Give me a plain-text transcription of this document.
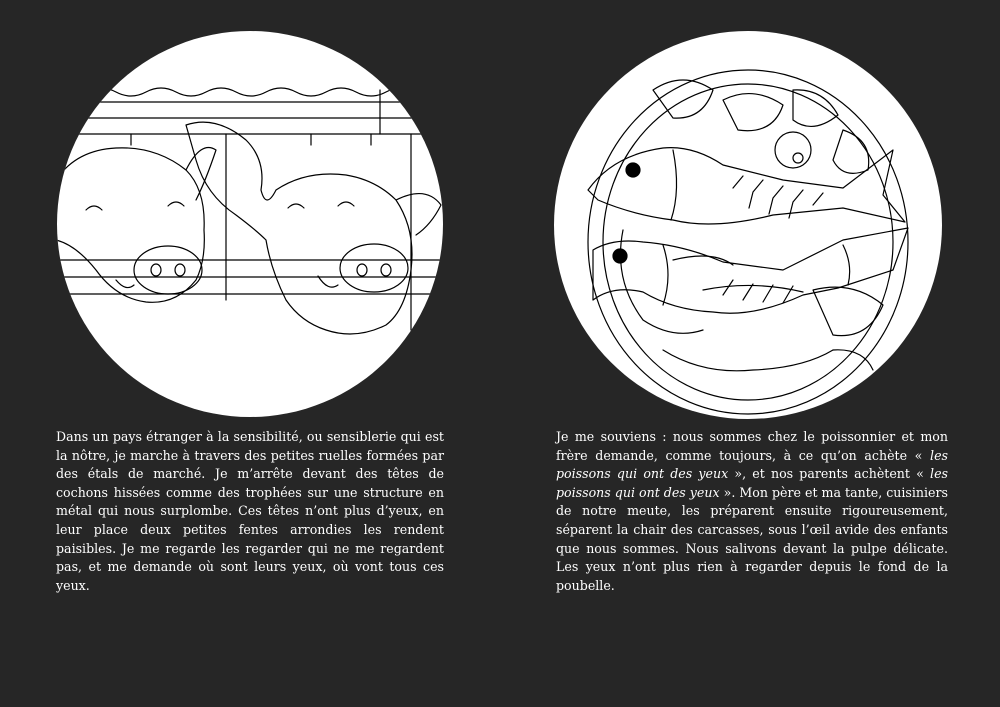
Dans un pays étranger à la sensibilité, ou sensiblerie qui est la nôtre, je marche à travers des petites ruelles formées par des étals de marché. Je m’arrête devant des têtes de cochons hissées comme des trophées sur une structure en métal qui nous surplombe. Ces têtes n’ont plus d’yeux, en leur place deux petites fentes arrondies les rendent paisibles. Je me regarde les regarder qui ne me regardent pas, et me demande où sont leurs yeux, où vont tous ces yeux.

Je me souviens : nous sommes chez le poissonnier et mon frère demande, comme toujours, à ce qu’on achète « les poissons qui ont des yeux », et nos parents achètent « les poissons qui ont des yeux ». Mon père et ma tante, cuisiniers de notre meute, les préparent ensuite rigoureusement, séparent la chair des carcasses, sous l’œil avide des enfants que nous sommes. Nous salivons devant la pulpe délicate. Les yeux n’ont plus rien à regarder depuis le fond de la poubelle.
